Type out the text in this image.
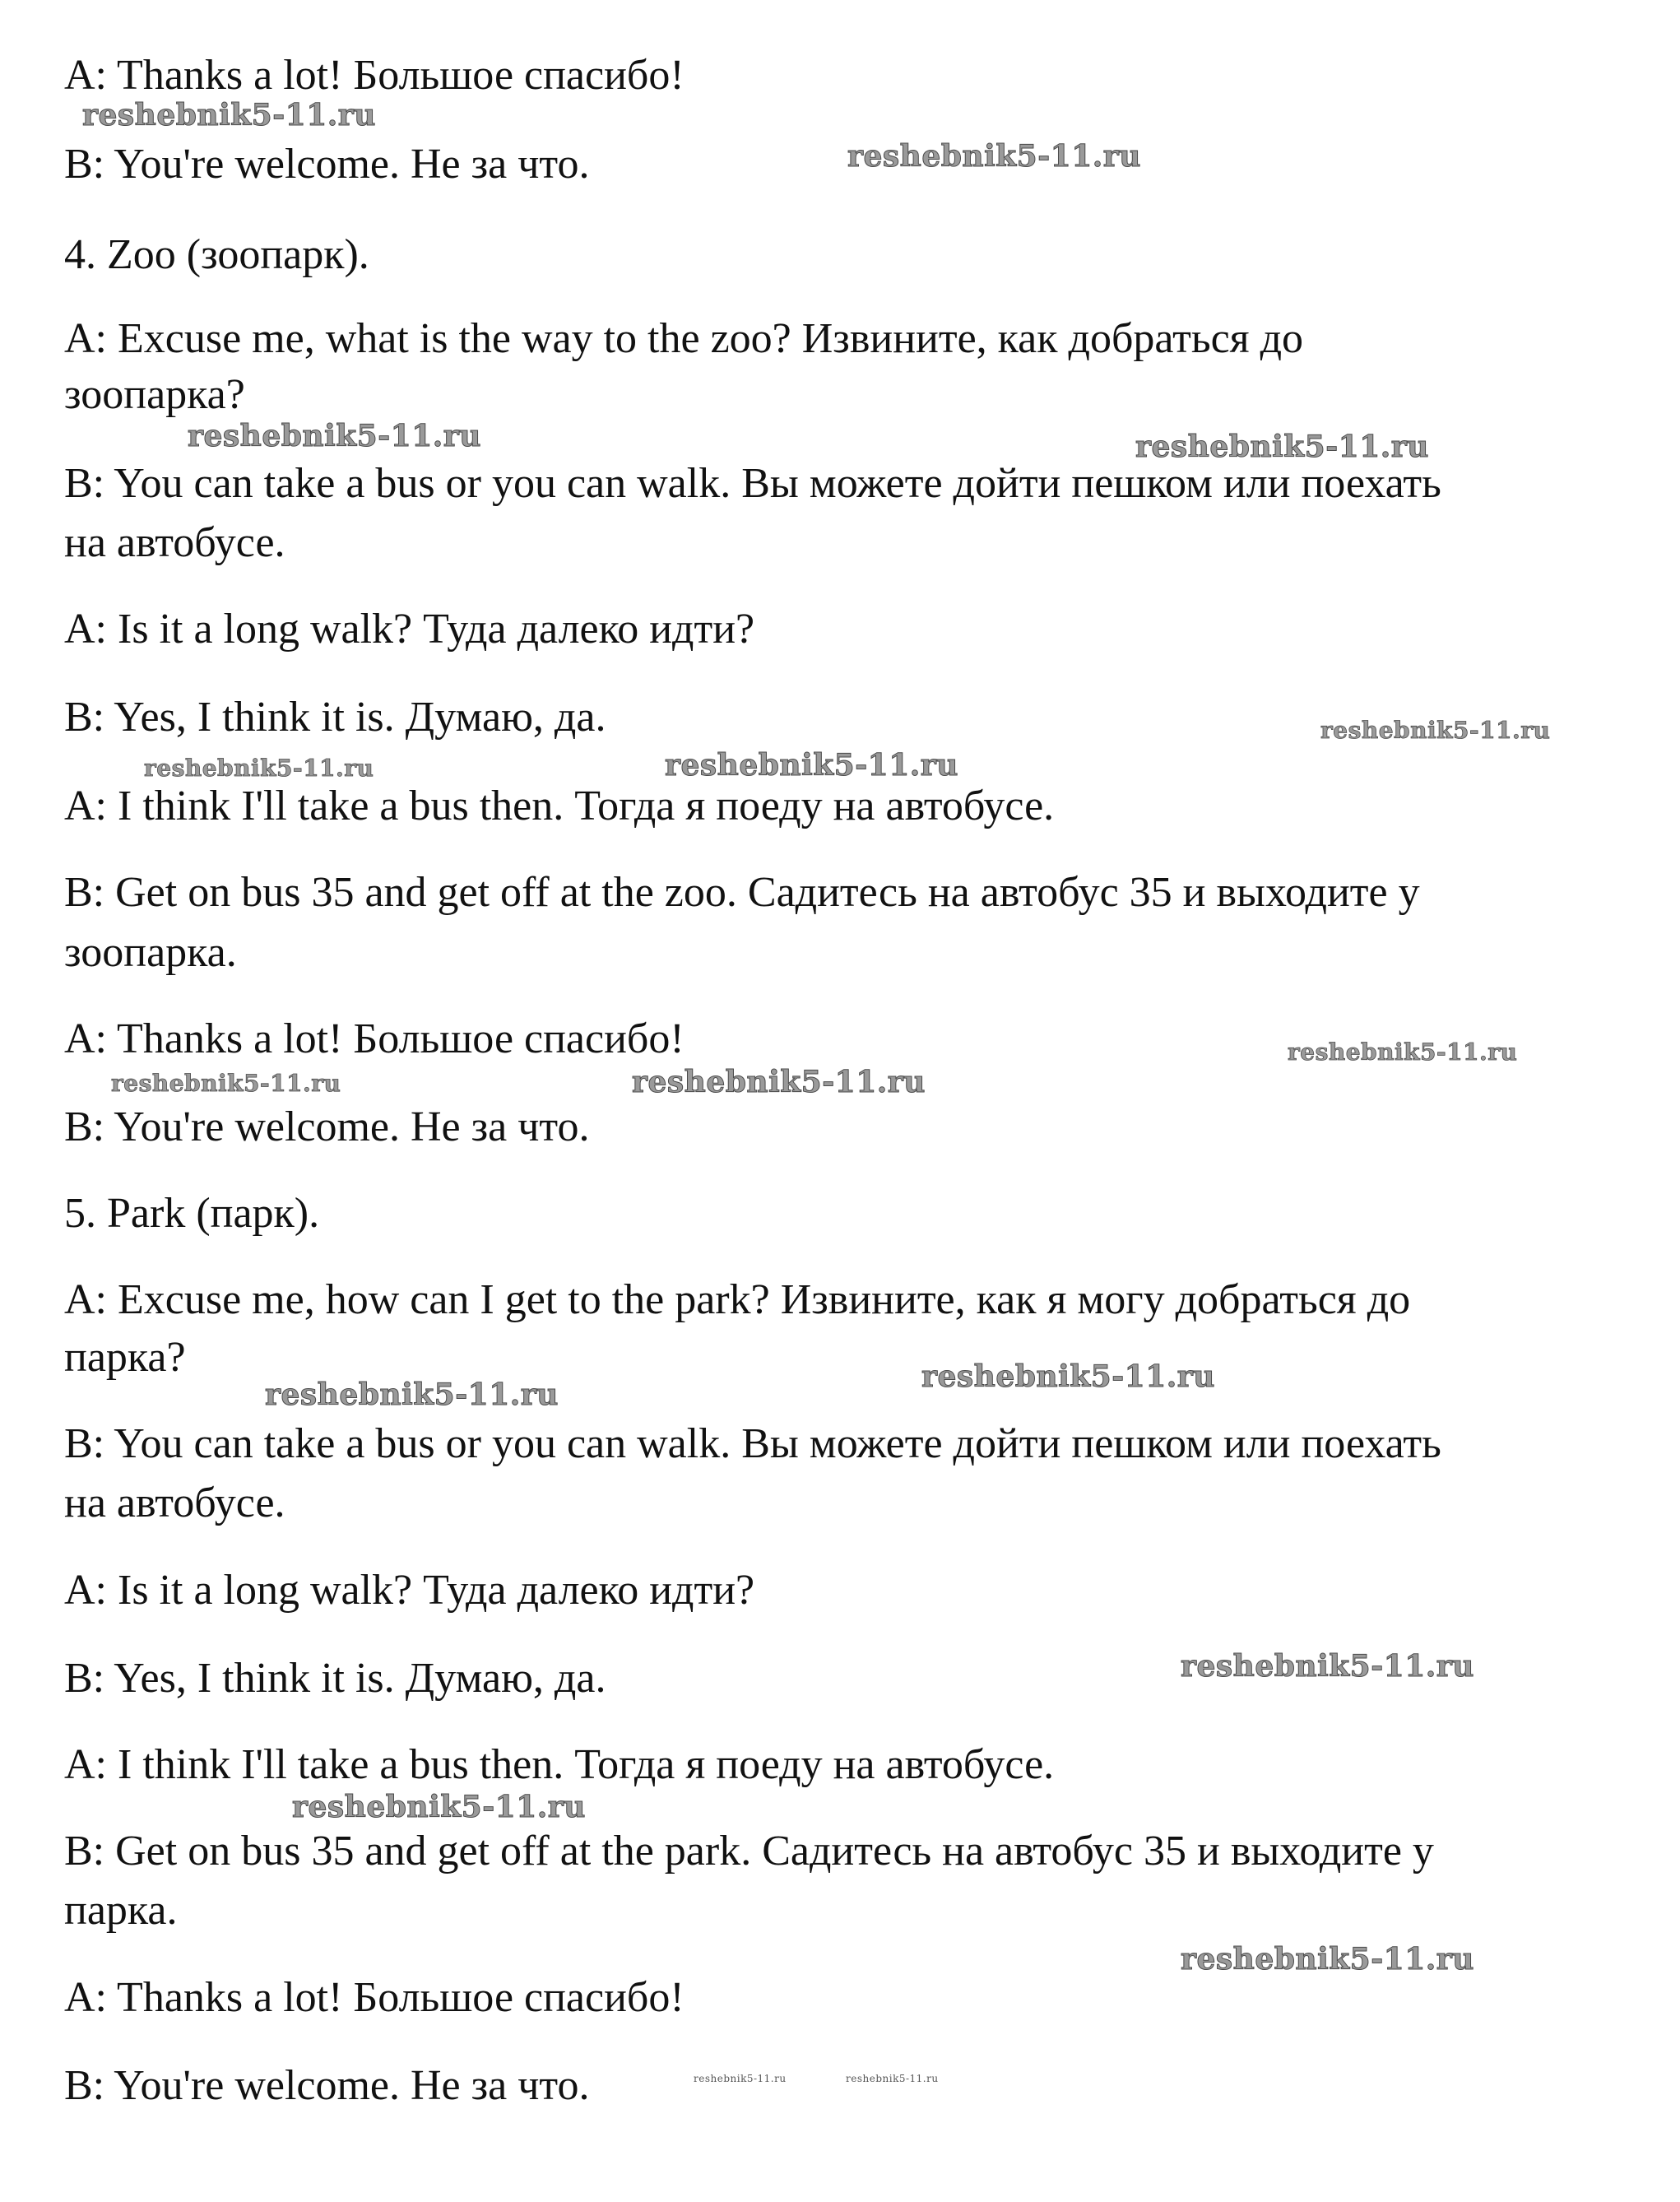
A: Thanks a lot! Большое спасибо!

B: You're welcome. Не за что.

4. Zoo (зоопарк).

A: Excuse me, what is the way to the zoo? Извините, как добраться до

зоопарка?

B: You can take a bus or you can walk. Вы можете дойти пешком или поехать

на автобусе.

A: Is it a long walk? Туда далеко идти?

B: Yes, I think it is. Думаю, да.

A: I think I'll take a bus then. Тогда я поеду на автобусе.

B: Get on bus 35 and get off at the zoo. Садитесь на автобус 35 и выходите у

зоопарка.

A: Thanks a lot! Большое спасибо!

B: You're welcome. Не за что.

5. Park (парк).

A: Excuse me, how can I get to the park? Извините, как я могу добраться до

парка?

B: You can take a bus or you can walk. Вы можете дойти пешком или поехать

на автобусе.

A: Is it a long walk? Туда далеко идти?

B: Yes, I think it is. Думаю, да.

A: I think I'll take a bus then. Тогда я поеду на автобусе.

B: Get on bus 35 and get off at the park. Садитесь на автобус 35 и выходите у

парка.

A: Thanks a lot! Большое спасибо!

B: You're welcome. Не за что.

reshebnik5-11.ru
reshebnik5-11.ru
reshebnik5-11.ru	reshebnik5-11.ru
reshebnik5-11.ru
reshebnik5-11.ru	reshebnik5-11.ru
reshebnik5-11.ru
reshebnik5-11.ru	reshebnik5-11.ru
reshebnik5-11.ru
reshebnik5-11.ru
reshebnik5-11.ru
reshebnik5-11.ru
reshebnik5-11.ru
reshebnik5-11.ru	reshebnik5-11.ru
